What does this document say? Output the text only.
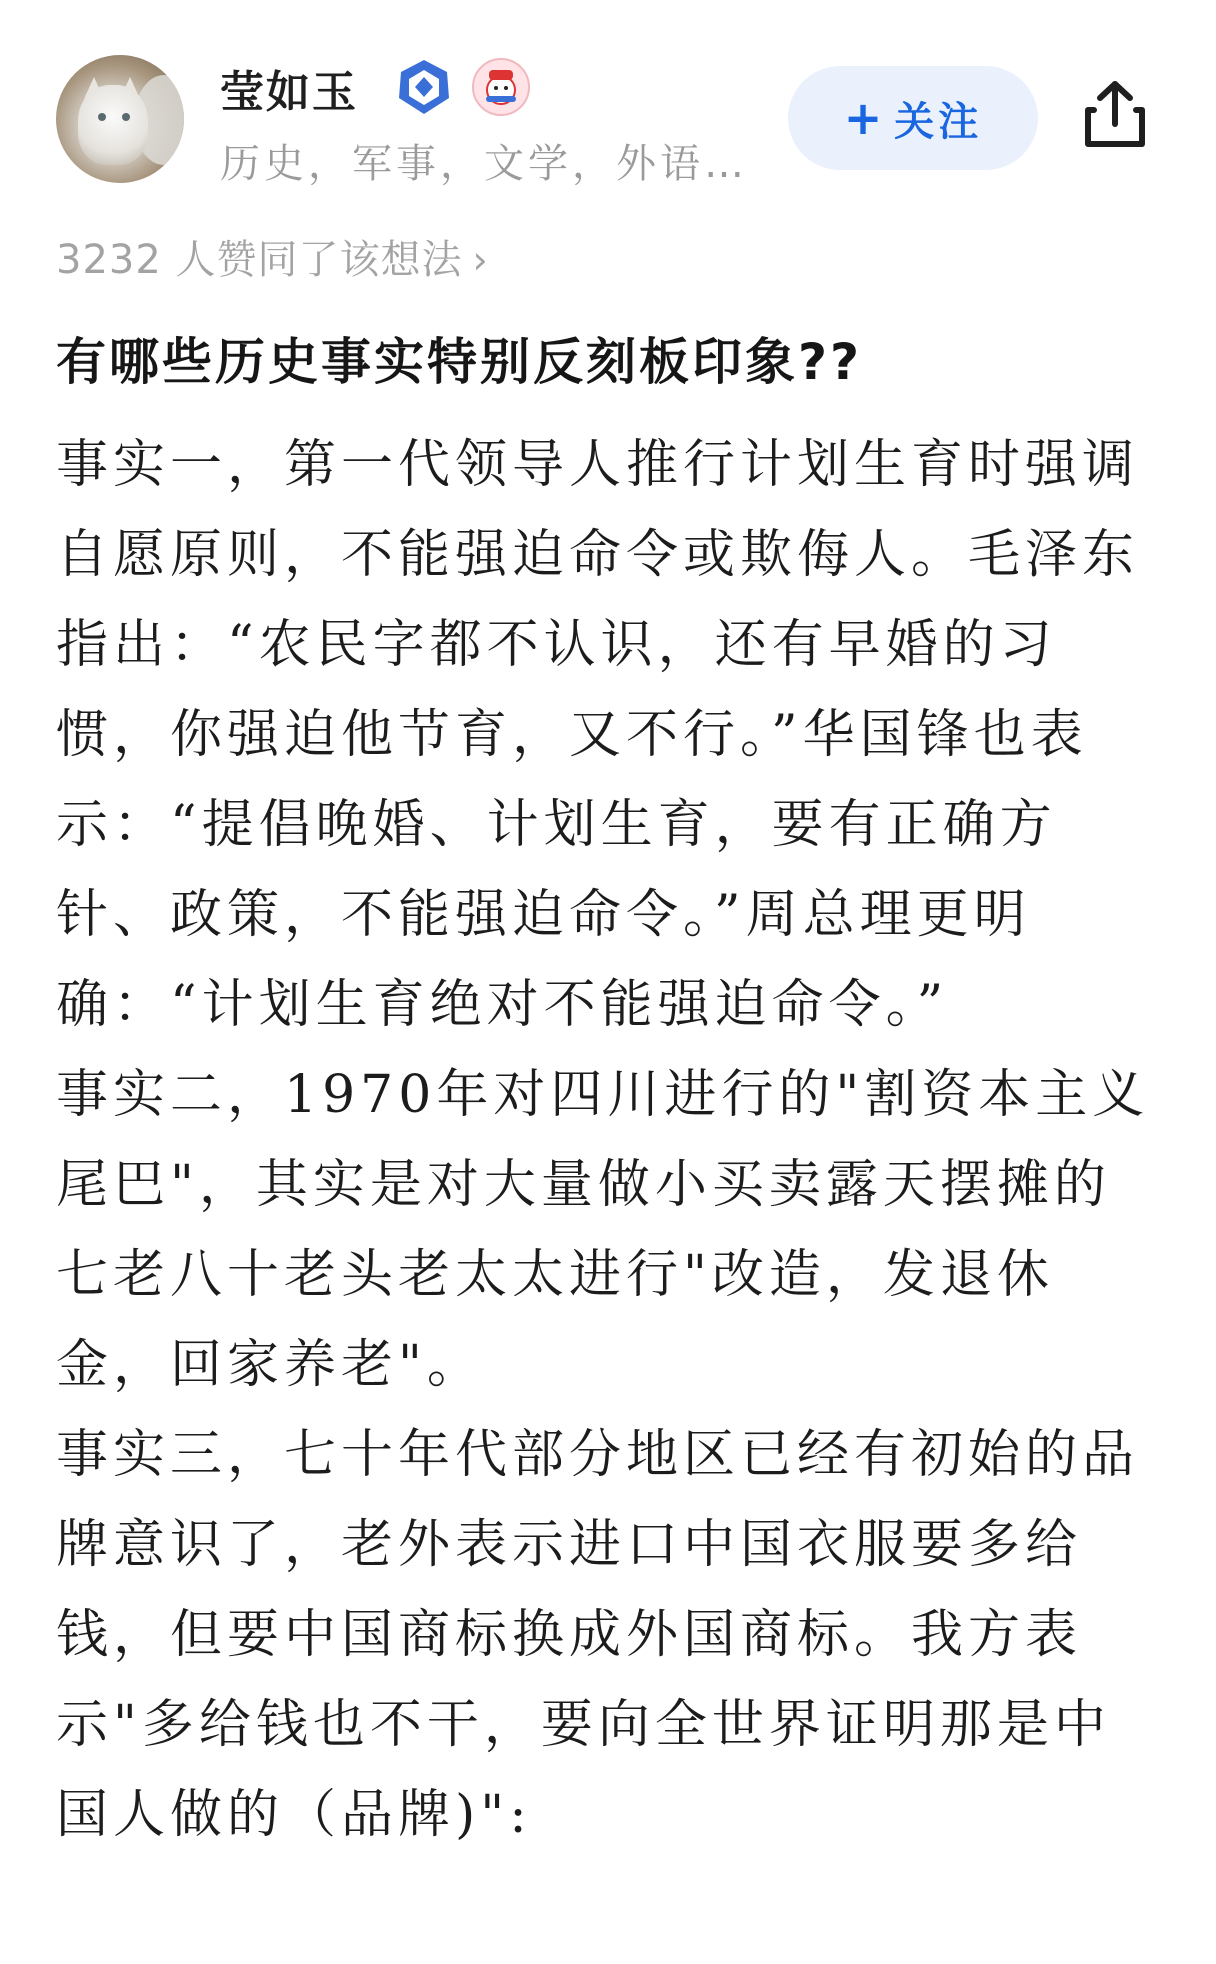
莹如玉
历史，军事，文学，外语…
+ 关注
3232 人赞同了该想法 ›
有哪些历史事实特别反刻板印象??

事实一，第一代领导人推行计划生育时强调自愿原则，不能强迫命令或欺侮人。毛泽东指出：“农民字都不认识，还有早婚的习惯，你强迫他节育，又不行。”华国锋也表示：“提倡晚婚、计划生育，要有正确方针、政策，不能强迫命令。”周总理更明确：“计划生育绝对不能强迫命令。”

事实二，1970年对四川进行的"割资本主义尾巴"，其实是对大量做小买卖露天摆摊的七老八十老头老太太进行"改造，发退休金，回家养老"。

事实三，七十年代部分地区已经有初始的品牌意识了，老外表示进口中国衣服要多给钱，但要中国商标换成外国商标。我方表示"多给钱也不干，要向全世界证明那是中国人做的（品牌)":
